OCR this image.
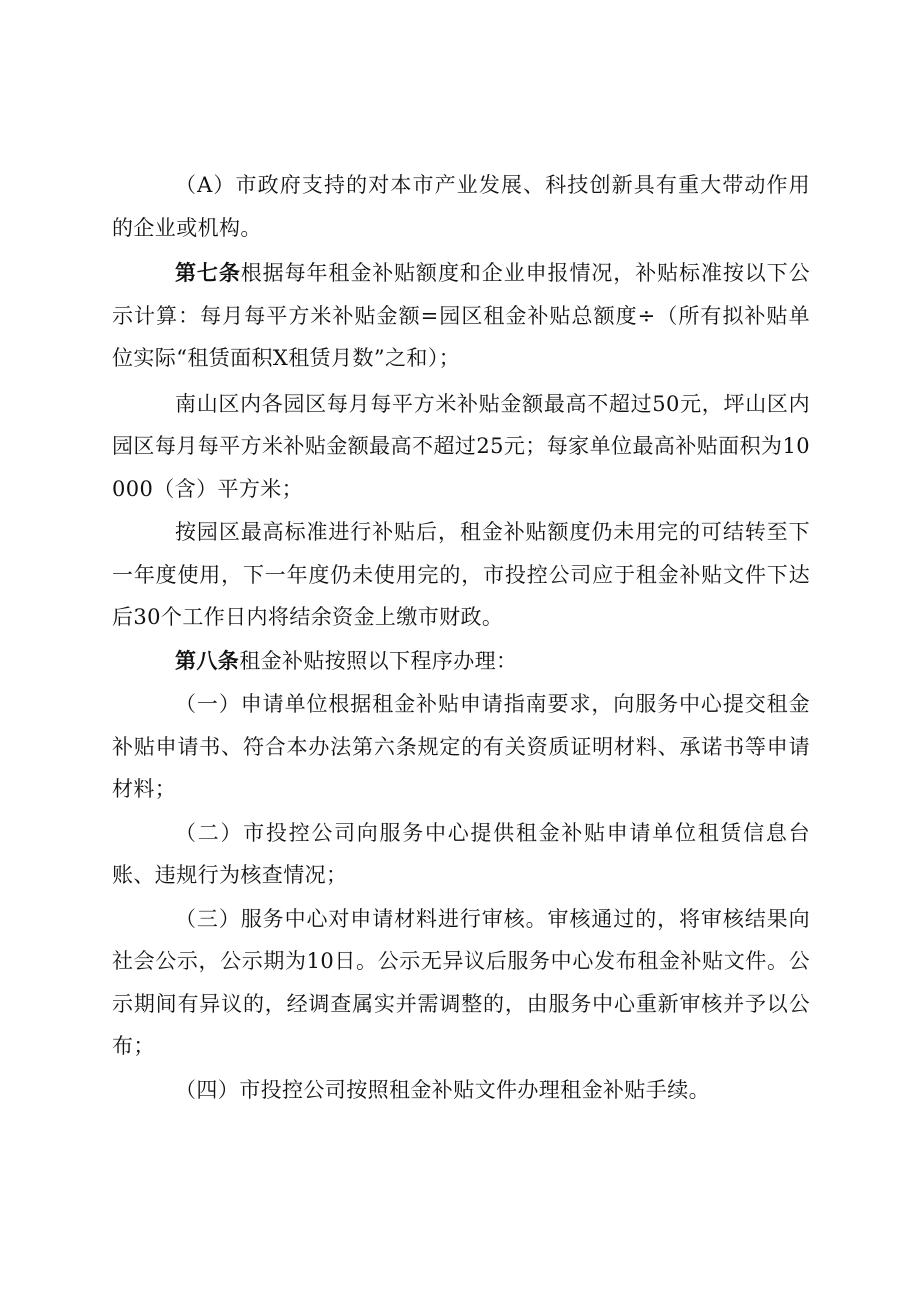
（A）市政府支持的对本市产业发展、科技创新具有重大带动作用的企业或机构。

第七条根据每年租金补贴额度和企业申报情况，补贴标准按以下公示计算：每月每平方米补贴金额=园区租金补贴总额度÷（所有拟补贴单位实际“租赁面积X租赁月数”之和）；

南山区内各园区每月每平方米补贴金额最高不超过50元，坪山区内园区每月每平方米补贴金额最高不超过25元；每家单位最高补贴面积为10000（含）平方米；

按园区最高标准进行补贴后，租金补贴额度仍未用完的可结转至下一年度使用，下一年度仍未使用完的，市投控公司应于租金补贴文件下达后30个工作日内将结余资金上缴市财政。

第八条租金补贴按照以下程序办理：

（一）申请单位根据租金补贴申请指南要求，向服务中心提交租金补贴申请书、符合本办法第六条规定的有关资质证明材料、承诺书等申请材料；

（二）市投控公司向服务中心提供租金补贴申请单位租赁信息台账、违规行为核查情况；

（三）服务中心对申请材料进行审核。审核通过的，将审核结果向社会公示，公示期为10日。公示无异议后服务中心发布租金补贴文件。公示期间有异议的，经调查属实并需调整的，由服务中心重新审核并予以公布；

（四）市投控公司按照租金补贴文件办理租金补贴手续。
